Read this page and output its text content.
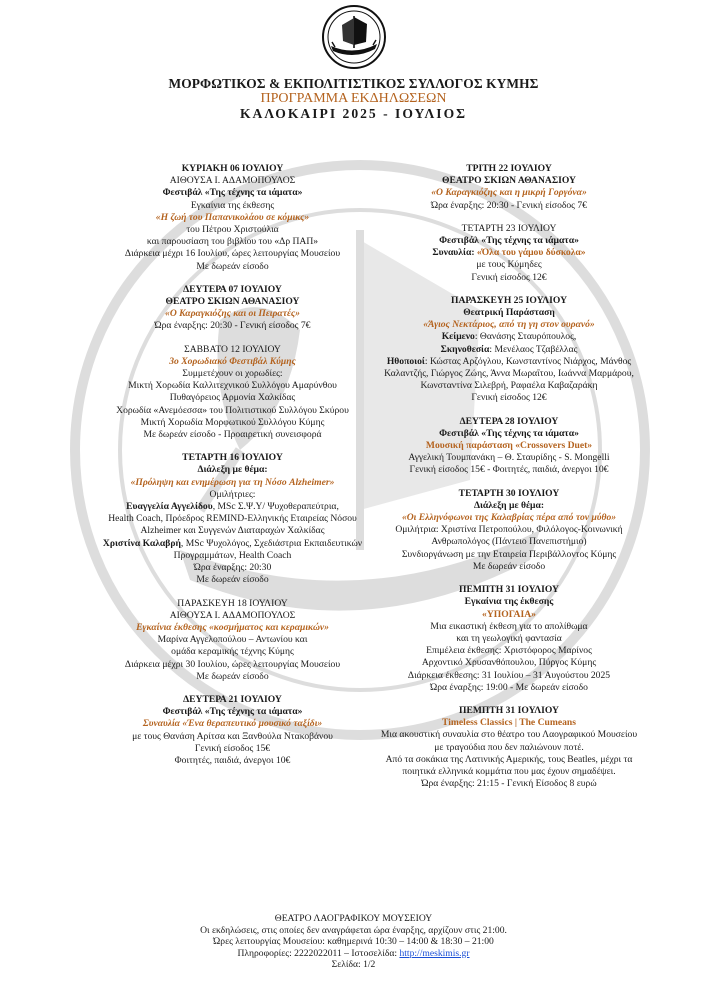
ΜΟΡΦΩΤΙΚΟΣ & ΕΚΠΟΛΙΤΙΣΤΙΚΟΣ ΣΥΛΛΟΓΟΣ ΚΥΜΗΣ
ΠΡΟΓΡΑΜΜΑ ΕΚΔΗΛΩΣΕΩΝ
ΚΑΛΟΚΑΙΡΙ 2025 - ΙΟΥΛΙΟΣ
ΚΥΡΙΑΚΗ 06 ΙΟΥΛΙΟΥ
ΑΙΘΟΥΣΑ Ι. ΑΔΑΜΟΠΟΥΛΟΣ
Φεστιβάλ «Της τέχνης τα ιάματα»
Εγκαίνια της έκθεσης
«Η ζωή του Παπανικολάου σε κόμικς»
του Πέτρου Χριστούλια
και παρουσίαση του βιβλίου του «Δρ ΠΑΠ»
Διάρκεια μέχρι 16 Ιουλίου, ώρες λειτουργίας Μουσείου
Με δωρεάν είσοδο
ΔΕΥΤΕΡΑ 07 ΙΟΥΛΙΟΥ
ΘΕΑΤΡΟ ΣΚΙΩΝ ΑΘΑΝΑΣΙΟΥ
«Ο Καραγκιόζης και οι Πειρατές»
Ώρα έναρξης: 20:30 - Γενική είσοδος 7€
ΣΑΒΒΑΤΟ 12 ΙΟΥΛΙΟΥ
3ο Χορωδιακό Φεστιβάλ Κύμης
Συμμετέχουν οι χορωδίες:
Μικτή Χορωδία Καλλιτεχνικού Συλλόγου Αμαρύνθου
Πυθαγόρειος Αρμονία Χαλκίδας
Χορωδία «Ανεμόεσσα» του Πολιτιστικού Συλλόγου Σκύρου
Μικτή Χορωδία Μορφωτικού Συλλόγου Κύμης
Με δωρεάν είσοδο - Προαιρετική συνεισφορά
ΤΕΤΑΡΤΗ 16 ΙΟΥΛΙΟΥ
Διάλεξη με θέμα:
«Πρόληψη και ενημέρωση για τη Νόσο Alzheimer»
Ομιλήτριες:
Ευαγγελία Αγγελίδου, MSc Σ.Ψ.Υ/ Ψυχοθεραπεύτρια,
Health Coach, Πρόεδρος REMIND-Ελληνικής Εταιρείας Νόσου
Alzheimer και Συγγενών Διαταραχών Χαλκίδας
Χριστίνα Καλαβρή, MSc Ψυχολόγος, Σχεδιάστρια Εκπαιδευτικών
Προγραμμάτων, Health Coach
Ώρα έναρξης: 20:30
Με δωρεάν είσοδο
ΠΑΡΑΣΚΕΥΗ 18 ΙΟΥΛΙΟΥ
ΑΙΘΟΥΣΑ Ι. ΑΔΑΜΟΠΟΥΛΟΣ
Εγκαίνια έκθεσης «κοσμήματος και κεραμικών»
Μαρίνα Αγγελοπούλου – Αντωνίου και
ομάδα κεραμικής τέχνης Κύμης
Διάρκεια μέχρι 30 Ιουλίου, ώρες λειτουργίας Μουσείου
Με δωρεάν είσοδο
ΔΕΥΤΕΡΑ 21 ΙΟΥΛΙΟΥ
Φεστιβάλ «Της τέχνης τα ιάματα»
Συναυλία «Ένα θεραπευτικό μουσικό ταξίδι»
με τους Θανάση Αρίτσα και Ξανθούλα Ντακοβάνου
Γενική είσοδος 15€
Φοιτητές, παιδιά, άνεργοι 10€
ΤΡΙΤΗ 22 ΙΟΥΛΙΟΥ
ΘΕΑΤΡΟ ΣΚΙΩΝ ΑΘΑΝΑΣΙΟΥ
«Ο Καραγκιόζης και η μικρή Γοργόνα»
Ώρα έναρξης: 20:30 - Γενική είσοδος 7€
ΤΕΤΑΡΤΗ 23 ΙΟΥΛΙΟΥ
Φεστιβάλ «Της τέχνης τα ιάματα»
Συναυλία: «Όλα του γάμου δύσκολα»
με τους Κύμηδες
Γενική είσοδος 12€
ΠΑΡΑΣΚΕΥΗ 25 ΙΟΥΛΙΟΥ
Θεατρική Παράσταση
«Άγιος Νεκτάριος, από τη γη στον ουρανό»
Κείμενο: Θανάσης Σταυρόπουλος,
Σκηνοθεσία: Μενέλαος Τζαβέλλας
Ηθοποιοί: Κώστας Αρζόγλου, Κωνσταντίνος Νιάρχος, Μάνθος
Καλαντζής, Γιώργος Ζώης, Άννα Μωραΐτου, Ιωάννα Μαρμάρου,
Κωνσταντίνα Σιλεβρή, Ραφαέλα Καβαζαράκη
Γενική είσοδος 12€
ΔΕΥΤΕΡΑ 28 ΙΟΥΛΙΟΥ
Φεστιβάλ «Της τέχνης τα ιάματα»
Μουσική παράσταση «Crossovers Duet»
Αγγελική Τουμπανάκη – Θ. Σταυρίδης - S. Mongelli
Γενική είσοδος 15€ - Φοιτητές, παιδιά, άνεργοι 10€
ΤΕΤΑΡΤΗ 30 ΙΟΥΛΙΟΥ
Διάλεξη με θέμα:
«Οι Ελληνόφωνοι της Καλαβρίας πέρα από τον μύθο»
Ομιλήτρια: Χριστίνα Πετροπούλου, Φιλόλογος-Κοινωνική
Ανθρωπολόγος (Πάντειο Πανεπιστήμιο)
Συνδιοργάνωση με την Εταιρεία Περιβάλλοντος Κύμης
Με δωρεάν είσοδο
ΠΕΜΠΤΗ 31 ΙΟΥΛΙΟΥ
Εγκαίνια της έκθεσης
«ΥΠΟΓΑΙΑ»
Μια εικαστική έκθεση για το απολίθωμα
και τη γεωλογική φαντασία
Επιμέλεια έκθεσης: Χριστόφορος Μαρίνος
Αρχοντικό Χρυσανθόπουλου, Πύργος Κύμης
Διάρκεια έκθεσης: 31 Ιουλίου – 31 Αυγούστου 2025
Ώρα έναρξης: 19:00 - Με δωρεάν είσοδο
ΠΕΜΠΤΗ 31 ΙΟΥΛΙΟΥ
Timeless Classics | The Cumeans
Μια ακουστική συναυλία στο θέατρο του Λαογραφικού Μουσείου
με τραγούδια που δεν παλιώνουν ποτέ.
Από τα σοκάκια της Λατινικής Αμερικής, τους Beatles, μέχρι τα
ποιητικά ελληνικά κομμάτια που μας έχουν σημαδέψει.
Ώρα έναρξης: 21:15 - Γενική Είσοδος 8 ευρώ
ΘΕΑΤΡΟ ΛΑΟΓΡΑΦΙΚΟΥ ΜΟΥΣΕΙΟΥ
Οι εκδηλώσεις, στις οποίες δεν αναγράφεται ώρα έναρξης, αρχίζουν στις 21:00.
Ώρες λειτουργίας Μουσείου: καθημερινά 10:30 – 14:00 & 18:30 – 21:00
Πληροφορίες: 2222022011 – Ιστοσελίδα: http://meskimis.gr
Σελίδα: 1/2
